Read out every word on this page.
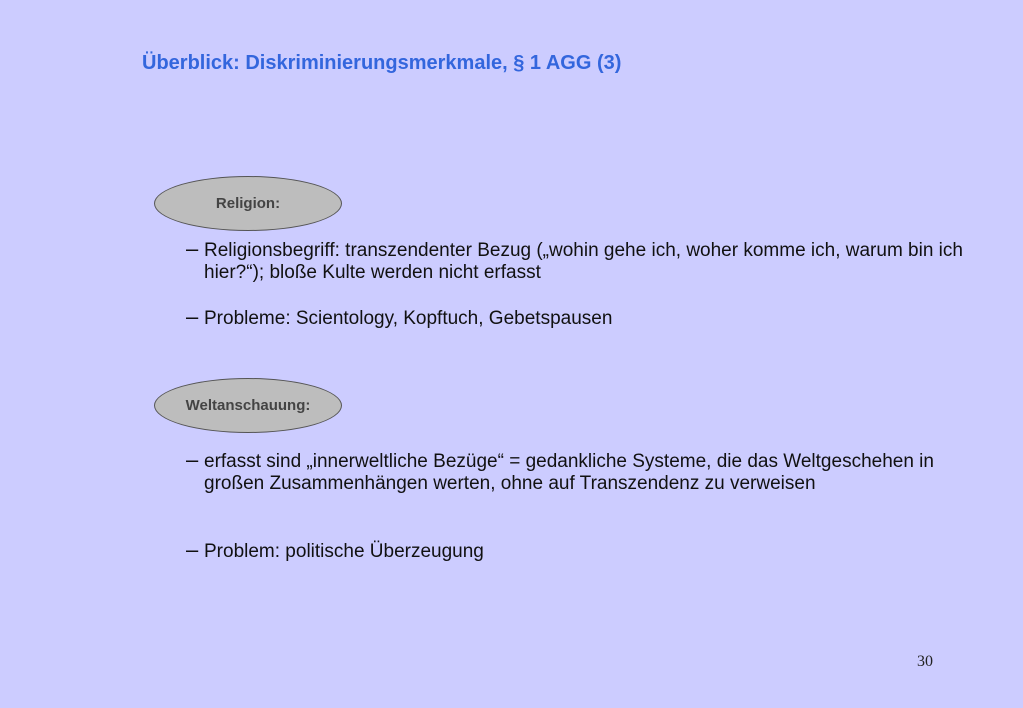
Überblick: Diskriminierungsmerkmale, § 1 AGG (3)
Religion:
– Religionsbegriff: transzendenter Bezug („wohin gehe ich, woher komme ich, warum bin ich hier?“); bloße Kulte werden nicht erfasst
– Probleme: Scientology, Kopftuch, Gebetspausen
Weltanschauung:
– erfasst sind „innerweltliche Bezüge“ = gedankliche Systeme, die das Weltgeschehen in großen Zusammenhängen werten, ohne auf Transzendenz zu verweisen
– Problem: politische Überzeugung
30
